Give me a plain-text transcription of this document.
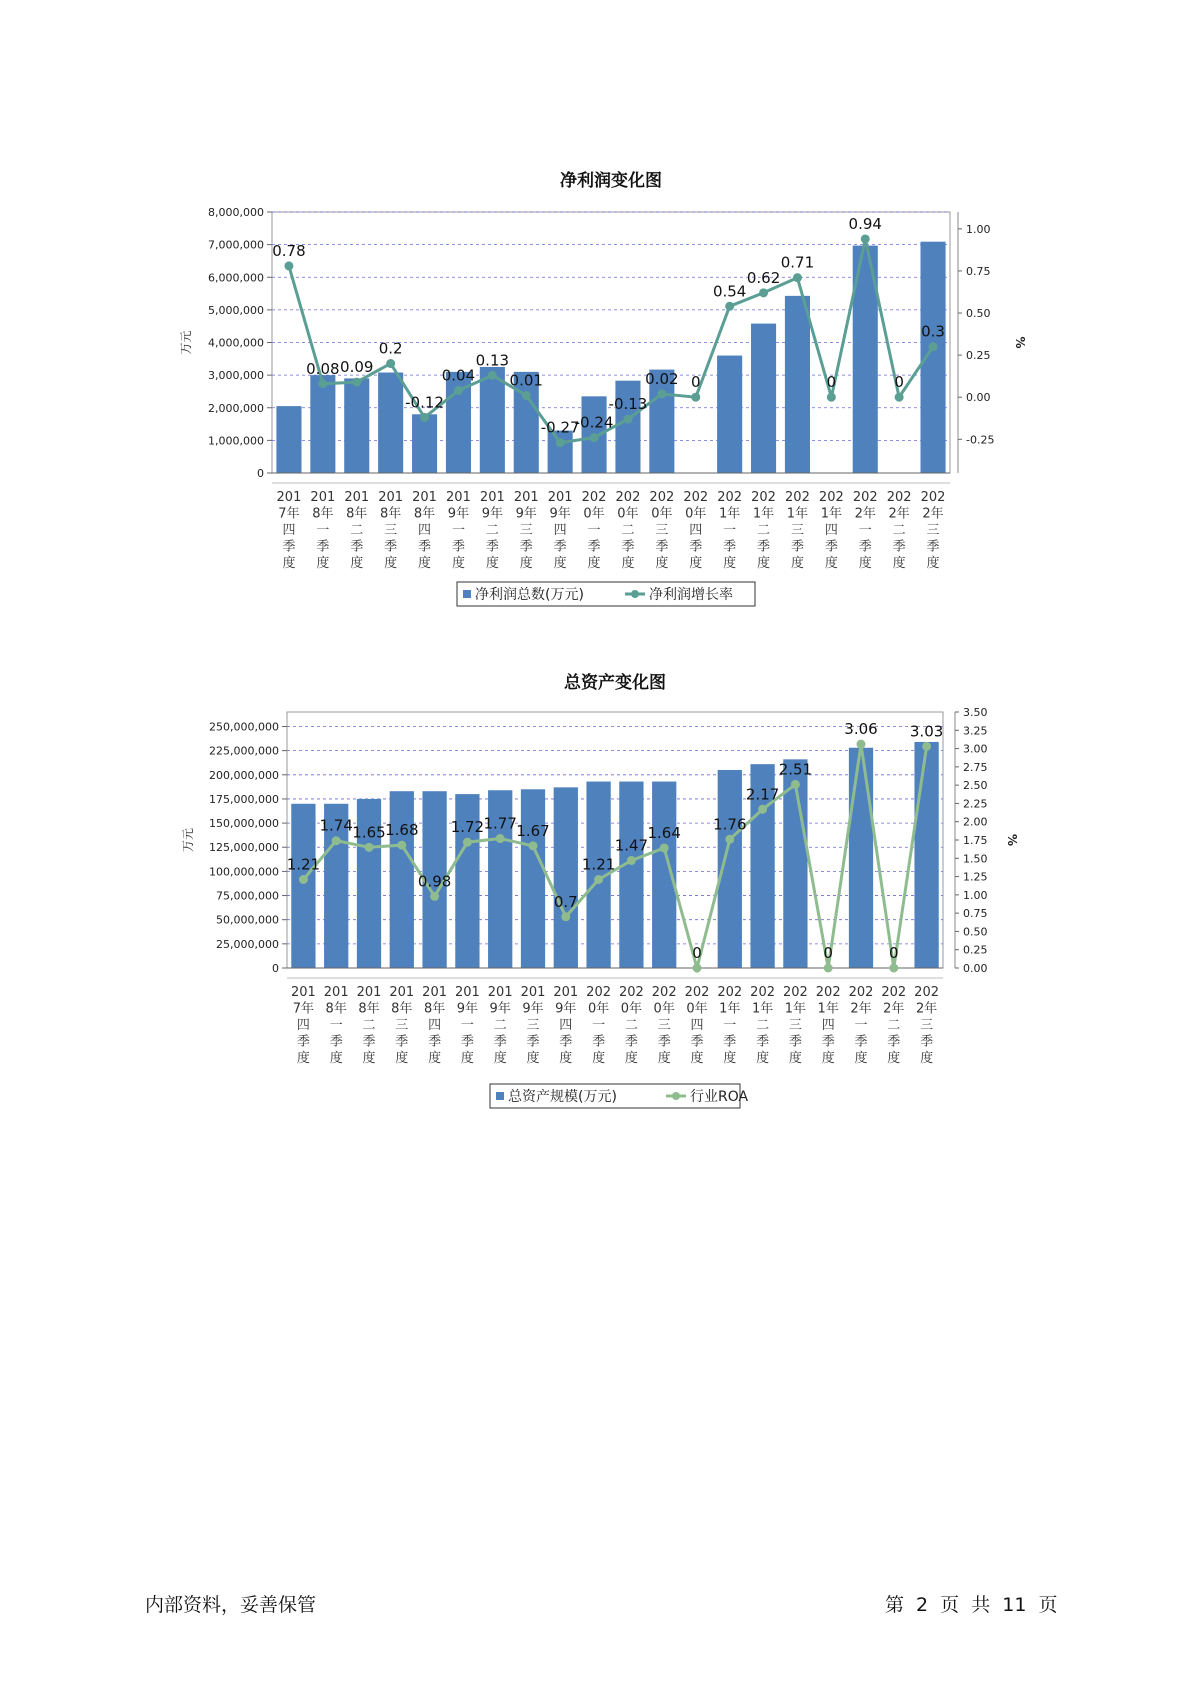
净利润变化图
0
1,000,000
2,000,000
3,000,000
4,000,000
5,000,000
6,000,000
7,000,000
8,000,000
201 7年四季度
201 8年一季度
201 8年二季度
201 8年三季度
201 8年四季度
201 9年一季度
201 9年二季度
201 9年三季度
201 9年四季度
202 0年一季度
202 0年二季度
202 0年三季度
202 0年四季度
202 1年一季度
202 1年二季度
202 1年三季度
202 1年四季度
202 2年一季度
202 2年二季度
202 2年三季度
-0.25
0.00
0.25
0.50
0.75
1.00
万元	%
0.78
0.08 0.09
0.2
-0.12
0.04
0.13
0.01
-0.27
-0.24
-0.13
0.02 0
0.54
0.62
0.71
0
0.94
0
0.3
净利润总数(万元)	净利润增长率
总资产变化图
0
25,000,000
50,000,000
75,000,000
100,000,000
125,000,000
150,000,000
175,000,000
200,000,000
225,000,000
250,000,000
201 7年四季度
201 8年一季度
201 8年二季度
201 8年三季度
201 8年四季度
201 9年一季度
201 9年二季度
201 9年三季度
201 9年四季度
202 0年一季度
202 0年二季度
202 0年三季度
202 0年四季度
202 1年一季度
202 1年二季度
202 1年三季度
202 1年四季度
202 2年一季度
202 2年二季度
202 2年三季度
0.00
0.25
0.50
0.75
1.00
1.25
1.50
1.75
2.00
2.25
2.50
2.75
3.00
3.25
3.50
万元	%
1.21
1.74 1.65 1.68
0.98
1.72 1.77 1.67
0.7
1.21
1.47
1.64
0
1.76
2.17
2.51
0
3.06
0
3.03
总资产规模(万元)	行业ROA
内部资料，妥善保管	第 2 页 共 11 页
